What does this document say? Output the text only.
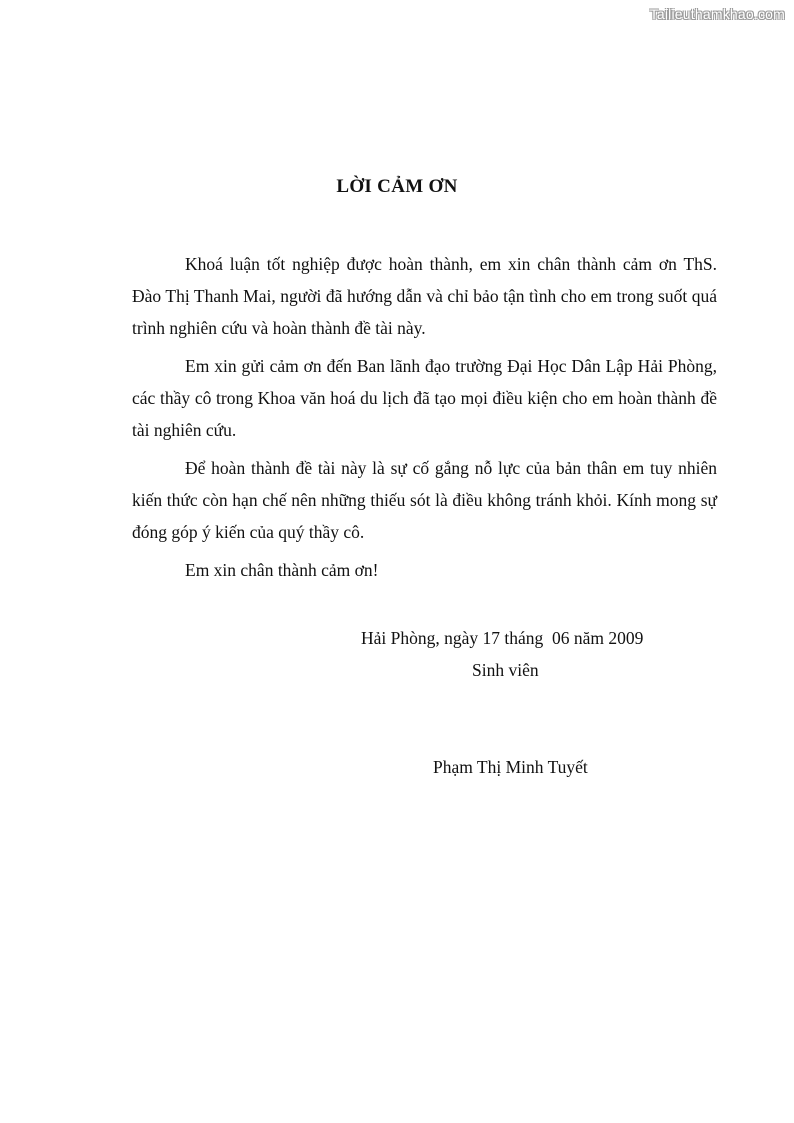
Tailieuthamkhao.com
LỜI CẢM ƠN

Khoá luận tốt nghiệp được hoàn thành, em xin chân thành cảm ơn ThS. Đào Thị Thanh Mai, người đã hướng dẫn và chỉ bảo tận tình cho em trong suốt quá trình nghiên cứu và hoàn thành đề tài này.

Em xin gửi cảm ơn đến Ban lãnh đạo trường Đại Học Dân Lập Hải Phòng, các thầy cô trong Khoa văn hoá du lịch đã tạo mọi điều kiện cho em hoàn thành đề tài nghiên cứu.

Để hoàn thành đề tài này là sự cố gắng nỗ lực của bản thân em tuy nhiên kiến thức còn hạn chế nên những thiếu sót là điều không tránh khỏi. Kính mong sự đóng góp ý kiến của quý thầy cô.

Em xin chân thành cảm ơn!

Hải Phòng, ngày 17 tháng  06 năm 2009
Sinh viên
Phạm Thị Minh Tuyết
